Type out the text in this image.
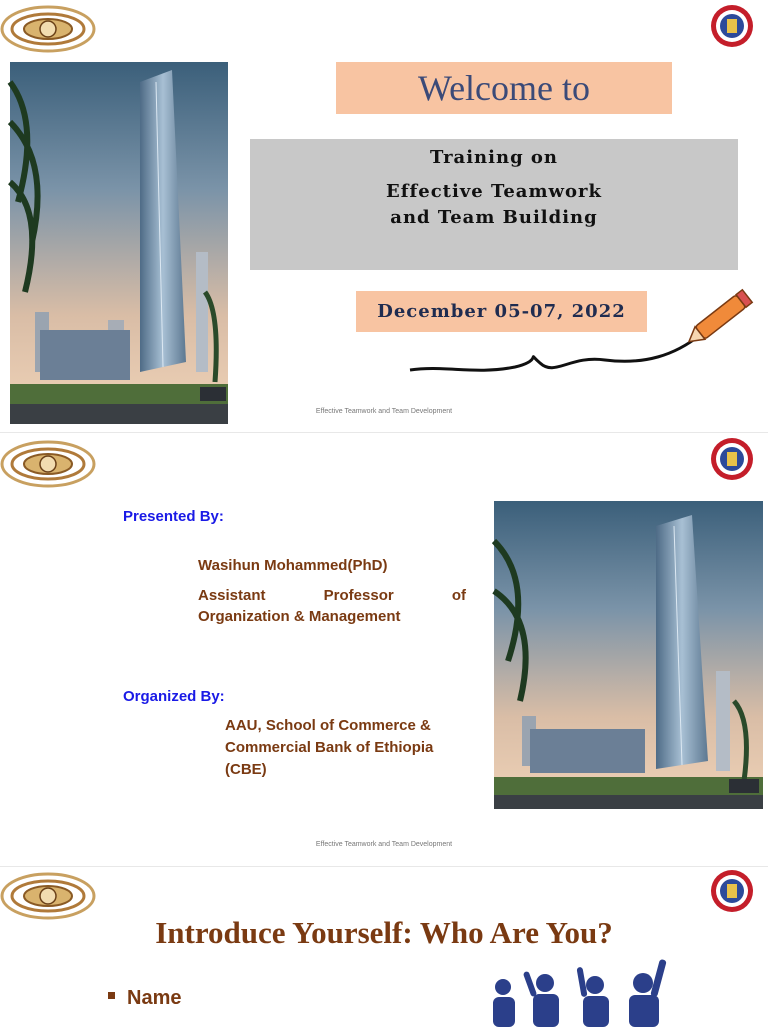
Welcome to
Training on
Effective Teamwork
and Team Building
December 05-07, 2022
Effective Teamwork and Team Development
Presented By:
Wasihun Mohammed(PhD)
Assistant Professor of
Organization & Management
Organized By:
AAU, School of Commerce &
Commercial Bank of Ethiopia
(CBE)
Effective Teamwork and Team Development
Introduce Yourself: Who Are You?
Name
